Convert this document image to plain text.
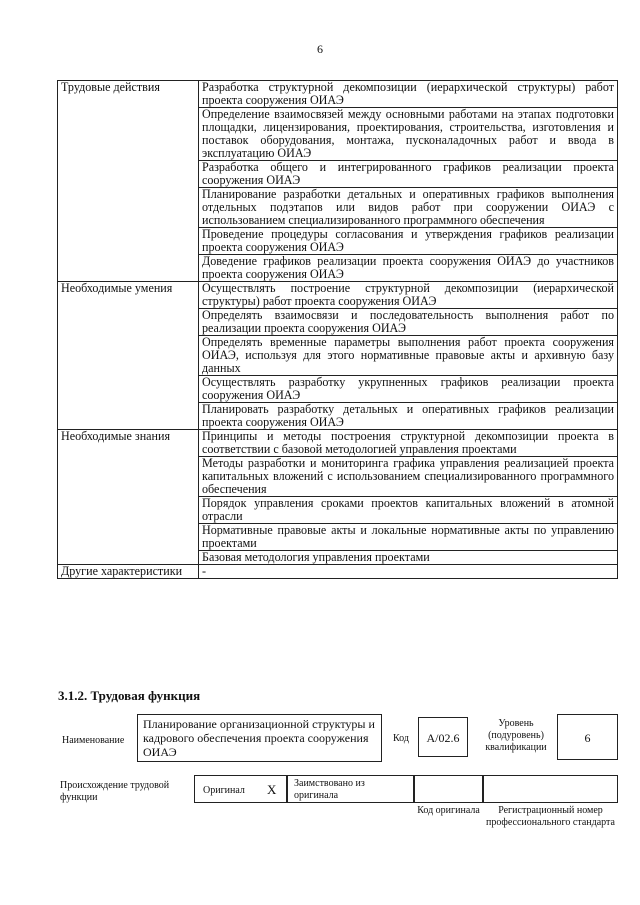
6
Трудовые действия	Разработка структурной декомпозиции (иерархической структуры) работ проекта сооружения ОИАЭ
	Определение взаимосвязей между основными работами на этапах подготовки площадки, лицензирования, проектирования, строительства, изготовления и поставок оборудования, монтажа, пусконаладочных работ и ввода в эксплуатацию ОИАЭ
	Разработка общего и интегрированного графиков реализации проекта сооружения ОИАЭ
	Планирование разработки детальных и оперативных графиков выполнения отдельных подэтапов или видов работ при сооружении ОИАЭ с использованием специализированного программного обеспечения
	Проведение процедуры согласования и утверждения графиков реализации проекта сооружения ОИАЭ
	Доведение графиков реализации проекта сооружения ОИАЭ до участников проекта сооружения ОИАЭ
Необходимые умения	Осуществлять построение структурной декомпозиции (иерархической структуры) работ проекта сооружения ОИАЭ
	Определять взаимосвязи и последовательность выполнения работ по реализации проекта сооружения ОИАЭ
	Определять временные параметры выполнения работ проекта сооружения ОИАЭ, используя для этого нормативные правовые акты и архивную базу данных
	Осуществлять разработку укрупненных графиков реализации проекта сооружения ОИАЭ
	Планировать разработку детальных и оперативных графиков реализации проекта сооружения ОИАЭ
Необходимые знания	Принципы и методы построения структурной декомпозиции проекта в соответствии с базовой методологией управления проектами
	Методы разработки и мониторинга графика управления реализацией проекта капитальных вложений с использованием специализированного программного обеспечения
	Порядок управления сроками проектов капитальных вложений в атомной отрасли
	Нормативные правовые акты и локальные нормативные акты по управлению проектами
	Базовая методология управления проектами
Другие характеристики	-
3.1.2. Трудовая функция
Наименование
Планирование организационной структуры и кадрового обеспечения проекта сооружения ОИАЭ
Код	A/02.6
Уровень (подуровень) квалификации
6
Происхождение трудовой функции
Оригинал X Заимствовано из оригинала
Код оригинала	Регистрационный номер профессионального стандарта
